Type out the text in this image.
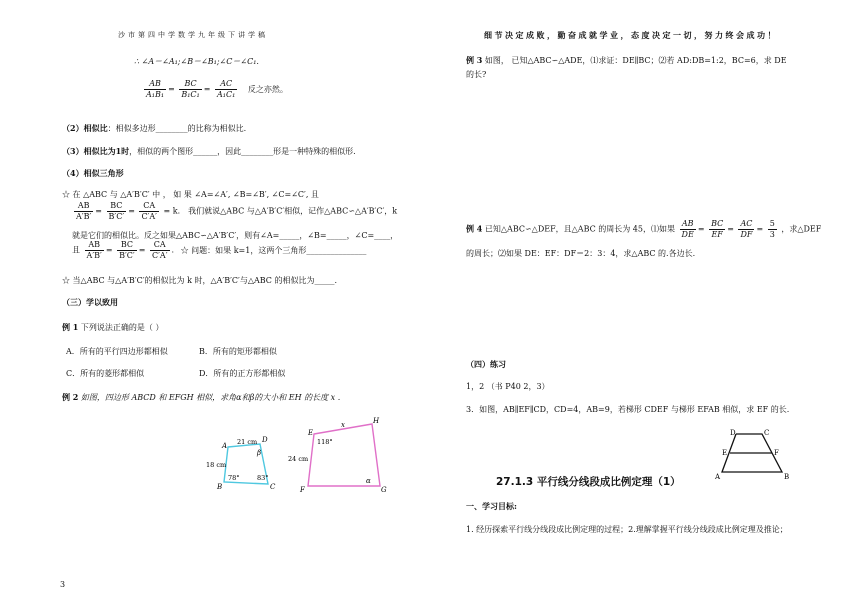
沙市第四中学数学九年级下讲学稿
∴ ∠A＝∠A₁;∠B＝∠B₁;∠C＝∠C₁.
$\frac{AB}{\text{A₁B₁}} = \frac{BC}{\text{B₁C₁}} = \frac{AC}{\text{A₁C₁}}$ 反之亦然。
（2）相似比：相似多边形________的比称为相似比.
（3）相似比为1时，相似的两个图形______，因此________形是一种特殊的相似形.
（4）相似三角形
☆ 在 △ABC 与 △A′B′C′ 中 ， 如 果 ∠A=∠A′, ∠B=∠B′, ∠C=∠C′, 且
$\frac{AB}{A'B'} = \frac{BC}{B'C'} = \frac{CA}{C'A'} = k$． 我们就说△ABC 与△A′B′C′相似，记作△ABC∽△A′B′C′，k
就是它们的相似比。反之如果△ABC∽△A′B′C′，则有∠A=_____，∠B=_____，∠C=____，
且 $\frac{AB}{A'B'} = \frac{BC}{B'C'} = \frac{CA}{C'A'}$ . ☆ 问题：如果 k=1，这两个三角形_______________
☆ 当△ABC 与△A′B′C′的相似比为 k 时，△A′B′C′与△ABC 的相似比为_____.
（三）学以致用
例 1 下列说法正确的是（ ）
A．所有的平行四边形都相似	B．所有的矩形都相似
C．所有的菱形都相似	D．所有的正方形都相似
例 2 如图，四边形 ABCD 和 EFGH 相似，求角α和β的大小和 EH 的长度 x .
A
D
C
B
21 cm
18 cm
78°	83°
β
E
H
G
F
x
24 cm
118°
α
3
细节决定成败，勤奋成就学业，态度决定一切，努力终会成功！
例 3 如图， 已知△ABC∽△ADE，⑴求证：DE∥BC；⑵若 AD:DB=1:2，BC=6，求 DE
的长?
例 4 已知△ABC∽△DEF，且△ABC 的周长为 45，⑴如果 $\frac{AB}{DE} = \frac{BC}{EF} = \frac{AC}{DF} = \frac{5}{3}$ ，求△DEF
的周长；⑵如果 DE：EF：DF＝2：3：4，求△ABC 的.各边长.
（四）练习
1，2 （书 P40 2，3）
3．如图，AB∥EF∥CD，CD=4，AB=9，若梯形 CDEF 与梯形 EFAB 相似，求 EF 的长.
D	C
E	F
A	B
27.1.3 平行线分线段成比例定理（1）
一、学习目标:
1. 经历探索平行线分线段成比例定理的过程；2.理解掌握平行线分线段成比例定理及推论；
